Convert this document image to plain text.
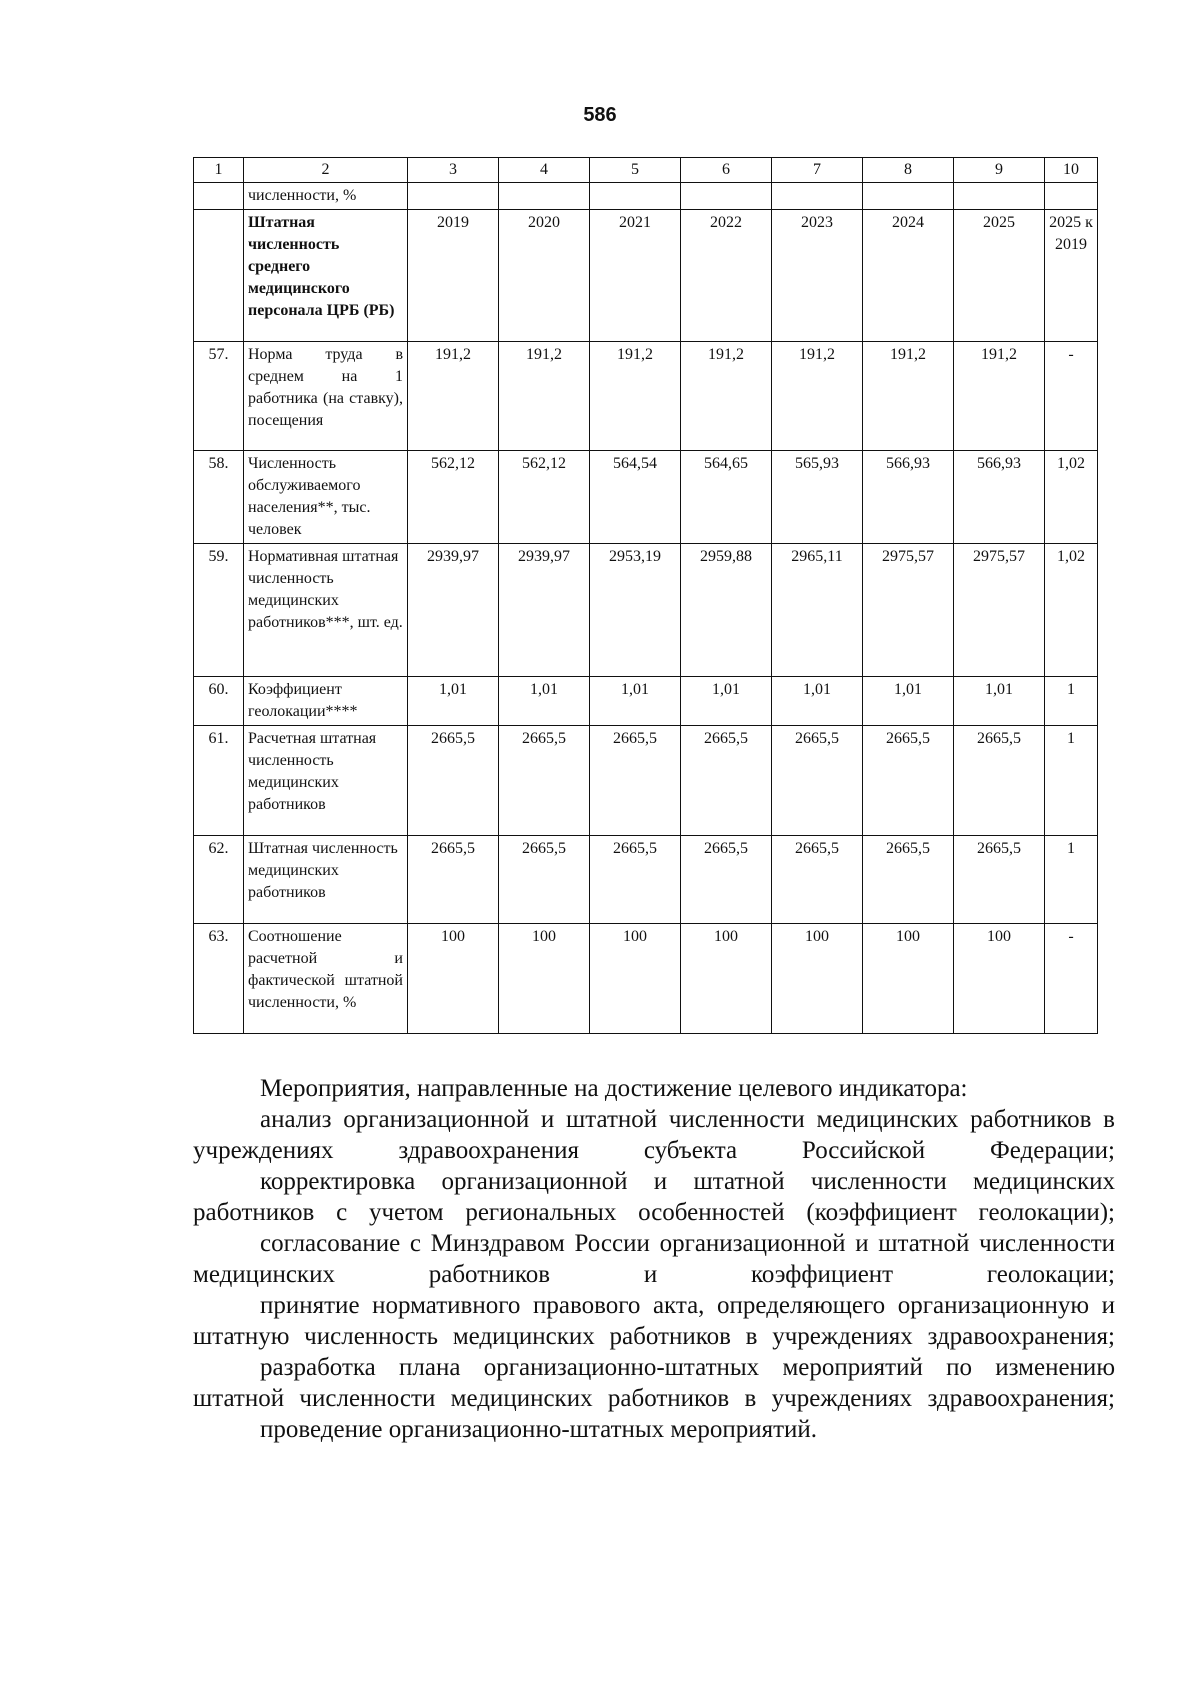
586
1	2	3	4	5	6	7	8	9	10
	численности, %								
	Штатная численность среднего медицинского персонала ЦРБ (РБ)	2019	2020	2021	2022	2023	2024	2025	2025 к 2019
57.	Норма труда в среднем на 1 работника (на ставку), посещения	191,2	191,2	191,2	191,2	191,2	191,2	191,2	-
58.	Численность обслуживаемого населения**, тыс. человек	562,12	562,12	564,54	564,65	565,93	566,93	566,93	1,02
59.	Нормативная штатная численность медицинских работников***, шт. ед.	2939,97	2939,97	2953,19	2959,88	2965,11	2975,57	2975,57	1,02
60.	Коэффициент геолокации****	1,01	1,01	1,01	1,01	1,01	1,01	1,01	1
61.	Расчетная штатная численность медицинских работников	2665,5	2665,5	2665,5	2665,5	2665,5	2665,5	2665,5	1
62.	Штатная численность медицинских работников	2665,5	2665,5	2665,5	2665,5	2665,5	2665,5	2665,5	1
63.	Соотношение расчетной и фактической штатной численности, %	100	100	100	100	100	100	100	-

Мероприятия, направленные на достижение целевого индикатора:

анализ организационной и штатной численности медицинских работников в учреждениях здравоохранения субъекта Российской Федерации;

корректировка организационной и штатной численности медицинских работников с учетом региональных особенностей (коэффициент геолокации);

согласование с Минздравом России организационной и штатной численности медицинских работников и коэффициент геолокации;

принятие нормативного правового акта, определяющего организационную и штатную численность медицинских работников в учреждениях здравоохранения;

разработка плана организационно-штатных мероприятий по изменению штатной численности медицинских работников в учреждениях здравоохранения;

проведение организационно-штатных мероприятий.
